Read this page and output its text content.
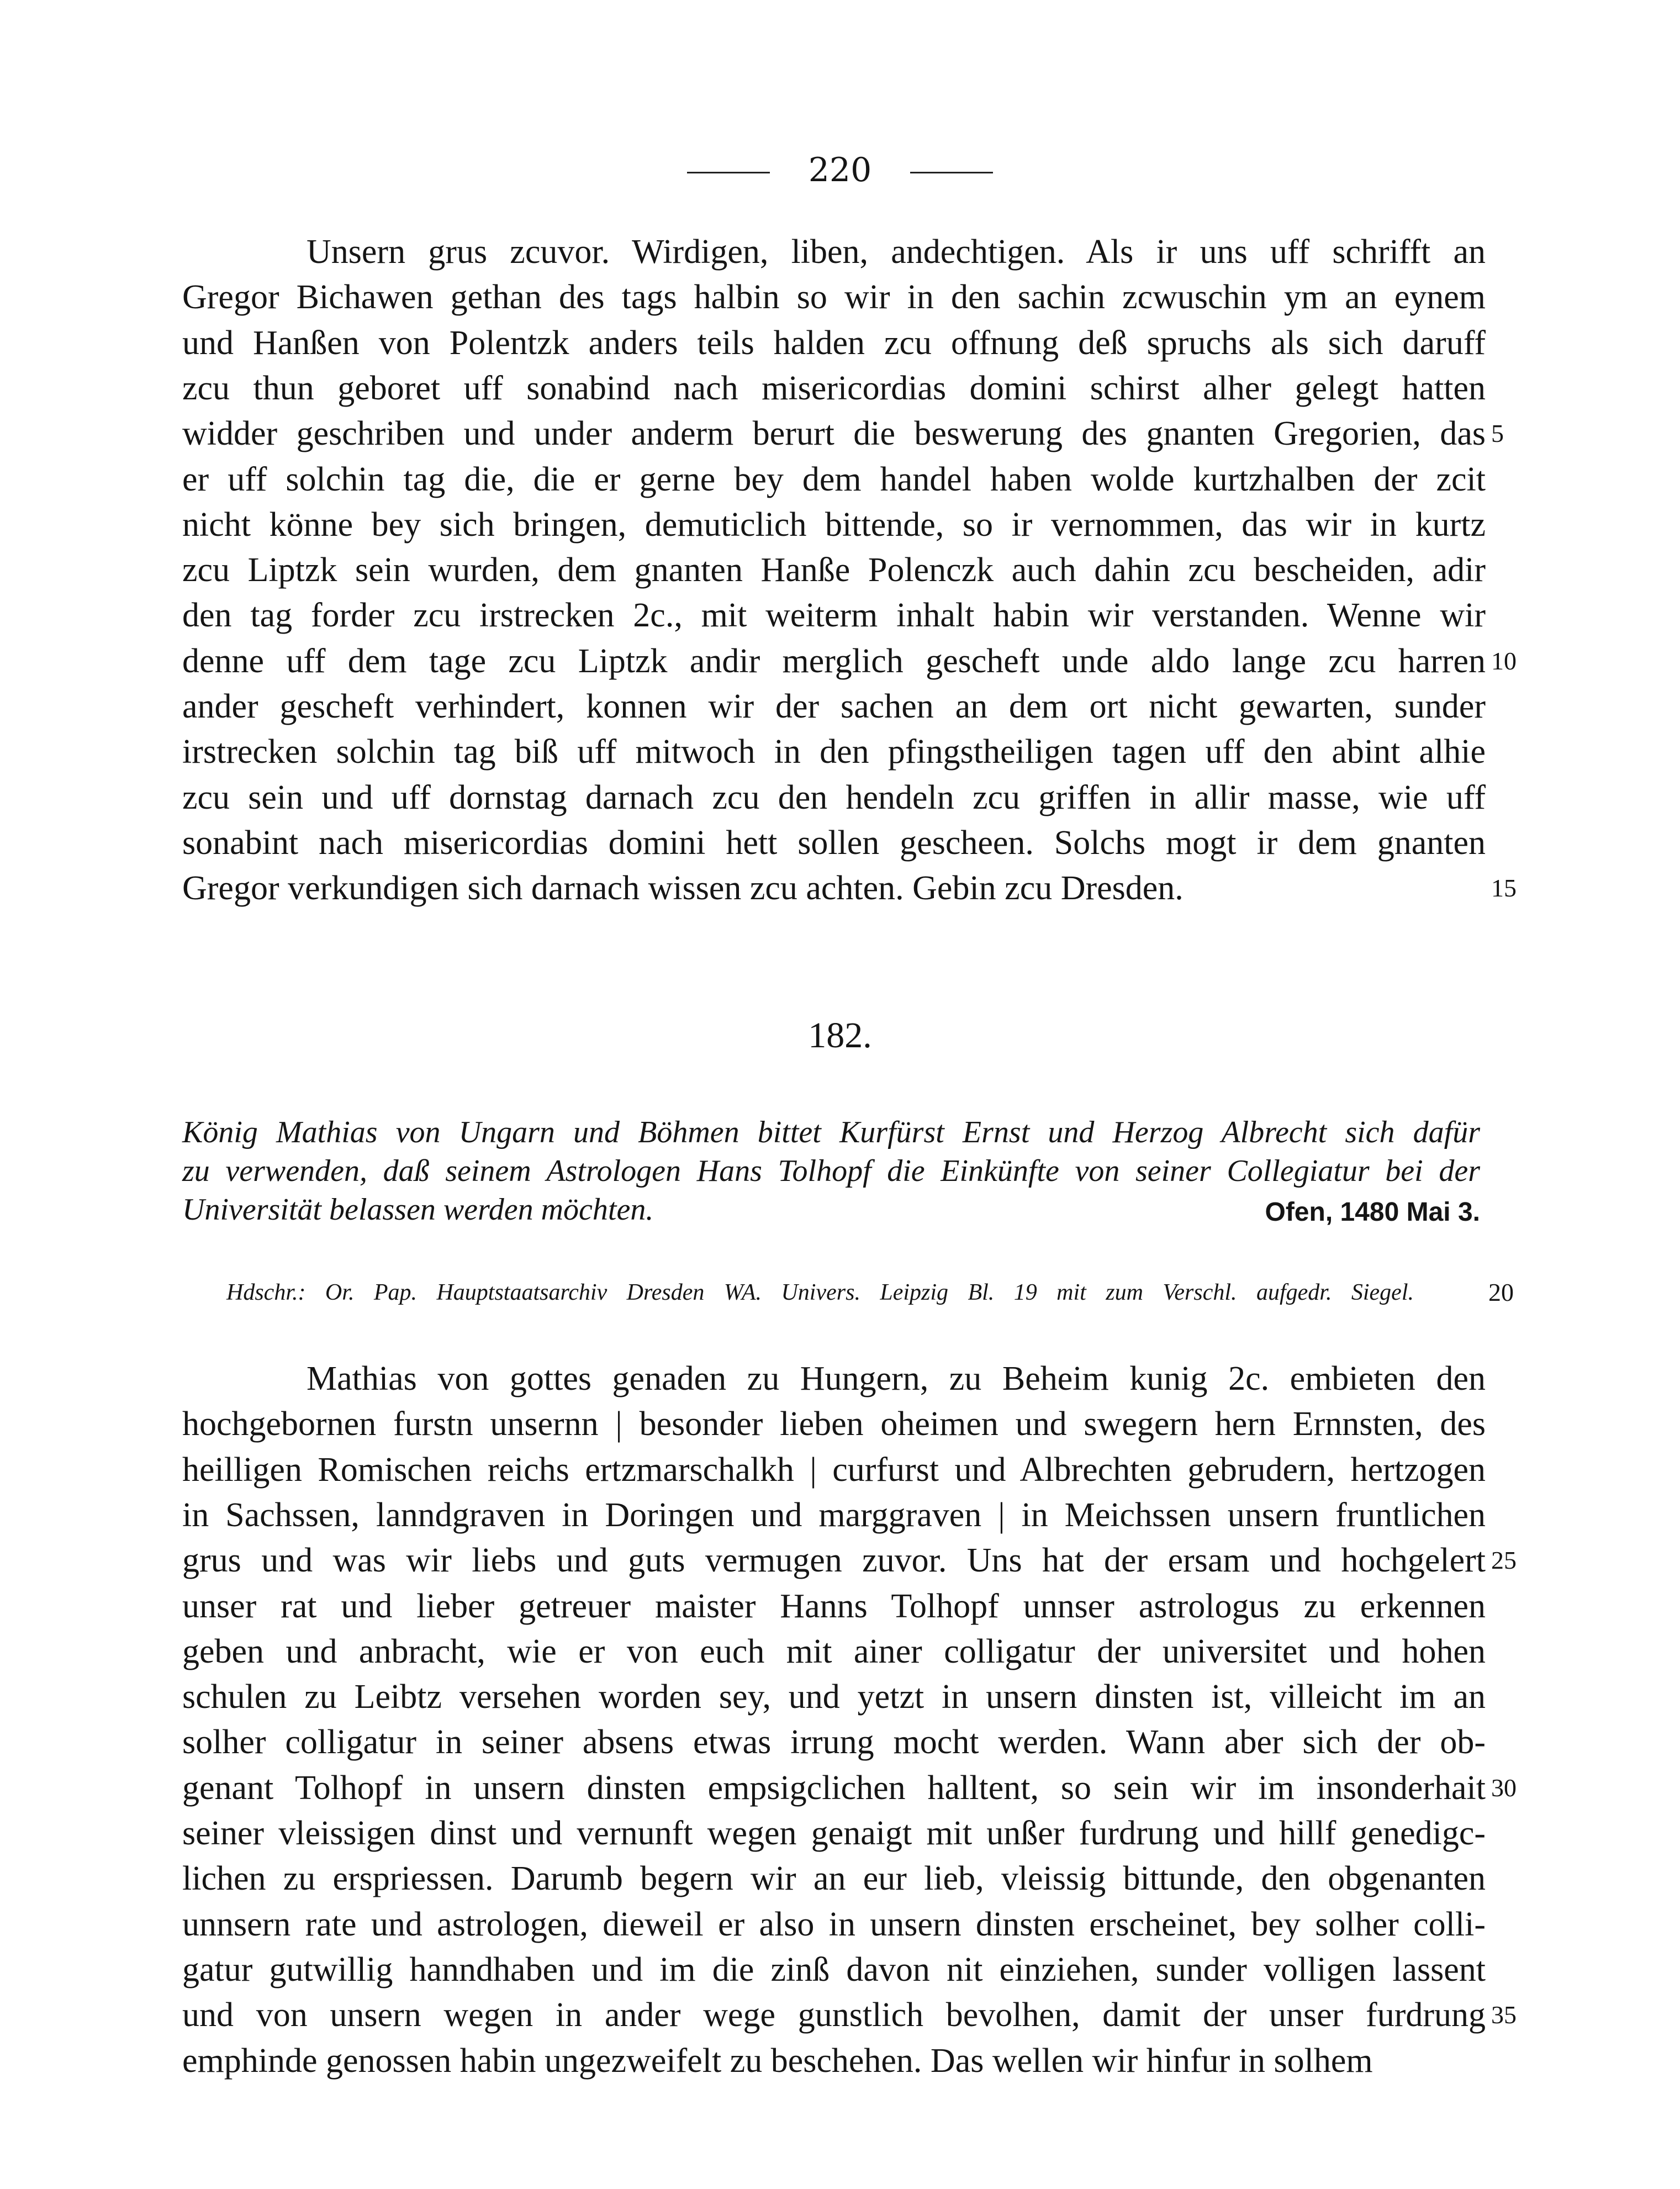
220
Unsern grus zcuvor. Wirdigen, liben, andechtigen. Als ir uns uff schrifft an
Gregor Bichawen gethan des tags halbin so wir in den sachin zcwuschin ym an eynem
und Hanßen von Polentzk anders teils halden zcu offnung deß spruchs als sich daruff
zcu thun geboret uff sonabind nach misericordias domini schirst alher gelegt hatten
widder geschriben und under anderm berurt die beswerung des gnanten Gregorien, das 5
er uff solchin tag die, die er gerne bey dem handel haben wolde kurtzhalben der zcit
nicht könne bey sich bringen, demuticlich bittende, so ir vernommen, das wir in kurtz
zcu Liptzk sein wurden, dem gnanten Hanße Polenczk auch dahin zcu bescheiden, adir
den tag forder zcu irstrecken 2c., mit weiterm inhalt habin wir verstanden. Wenne wir
denne uff dem tage zcu Liptzk andir merglich gescheft unde aldo lange zcu harren 10
ander gescheft verhindert, konnen wir der sachen an dem ort nicht gewarten, sunder
irstrecken solchin tag biß uff mitwoch in den pfingstheiligen tagen uff den abint alhie
zcu sein und uff dornstag darnach zcu den hendeln zcu griffen in allir masse, wie uff
sonabint nach misericordias domini hett sollen gescheen. Solchs mogt ir dem gnanten
Gregor verkundigen sich darnach wissen zcu achten. Gebin zcu Dresden.	15
182.
König Mathias von Ungarn und Böhmen bittet Kurfürst Ernst und Herzog Albrecht sich dafür
zu verwenden, daß seinem Astrologen Hans Tolhopf die Einkünfte von seiner Collegiatur bei der
Universität belassen werden möchten.	Ofen, 1480 Mai 3.
Hdschr.: Or. Pap. Hauptstaatsarchiv Dresden WA. Univers. Leipzig Bl. 19 mit zum Verschl. aufgedr. Siegel.	20
Mathias von gottes genaden zu Hungern, zu Beheim kunig 2c. embieten den
hochgebornen furstn unsernn | besonder lieben oheimen und swegern hern Ernnsten, des
heilligen Romischen reichs ertzmarschalkh | curfurst und Albrechten gebrudern, hertzogen
in Sachssen, lanndgraven in Doringen und marggraven | in Meichssen unsern fruntlichen
grus und was wir liebs und guts vermugen zuvor. Uns hat der ersam und hochgelert 25
unser rat und lieber getreuer maister Hanns Tolhopf unnser astrologus zu erkennen
geben und anbracht, wie er von euch mit ainer colligatur der universitet und hohen
schulen zu Leibtz versehen worden sey, und yetzt in unsern dinsten ist, villeicht im an
solher colligatur in seiner absens etwas irrung mocht werden. Wann aber sich der ob-
genant Tolhopf in unsern dinsten empsigclichen halltent, so sein wir im insonderhait 30
seiner vleissigen dinst und vernunft wegen genaigt mit unßer furdrung und hillf genedigc-
lichen zu erspriessen. Darumb begern wir an eur lieb, vleissig bittunde, den obgenanten
unnsern rate und astrologen, dieweil er also in unsern dinsten erscheinet, bey solher colli-
gatur gutwillig hanndhaben und im die zinß davon nit einziehen, sunder volligen lassent
und von unsern wegen in ander wege gunstlich bevolhen, damit der unser furdrung 35
emphinde genossen habin ungezweifelt zu beschehen. Das wellen wir hinfur in solhem
